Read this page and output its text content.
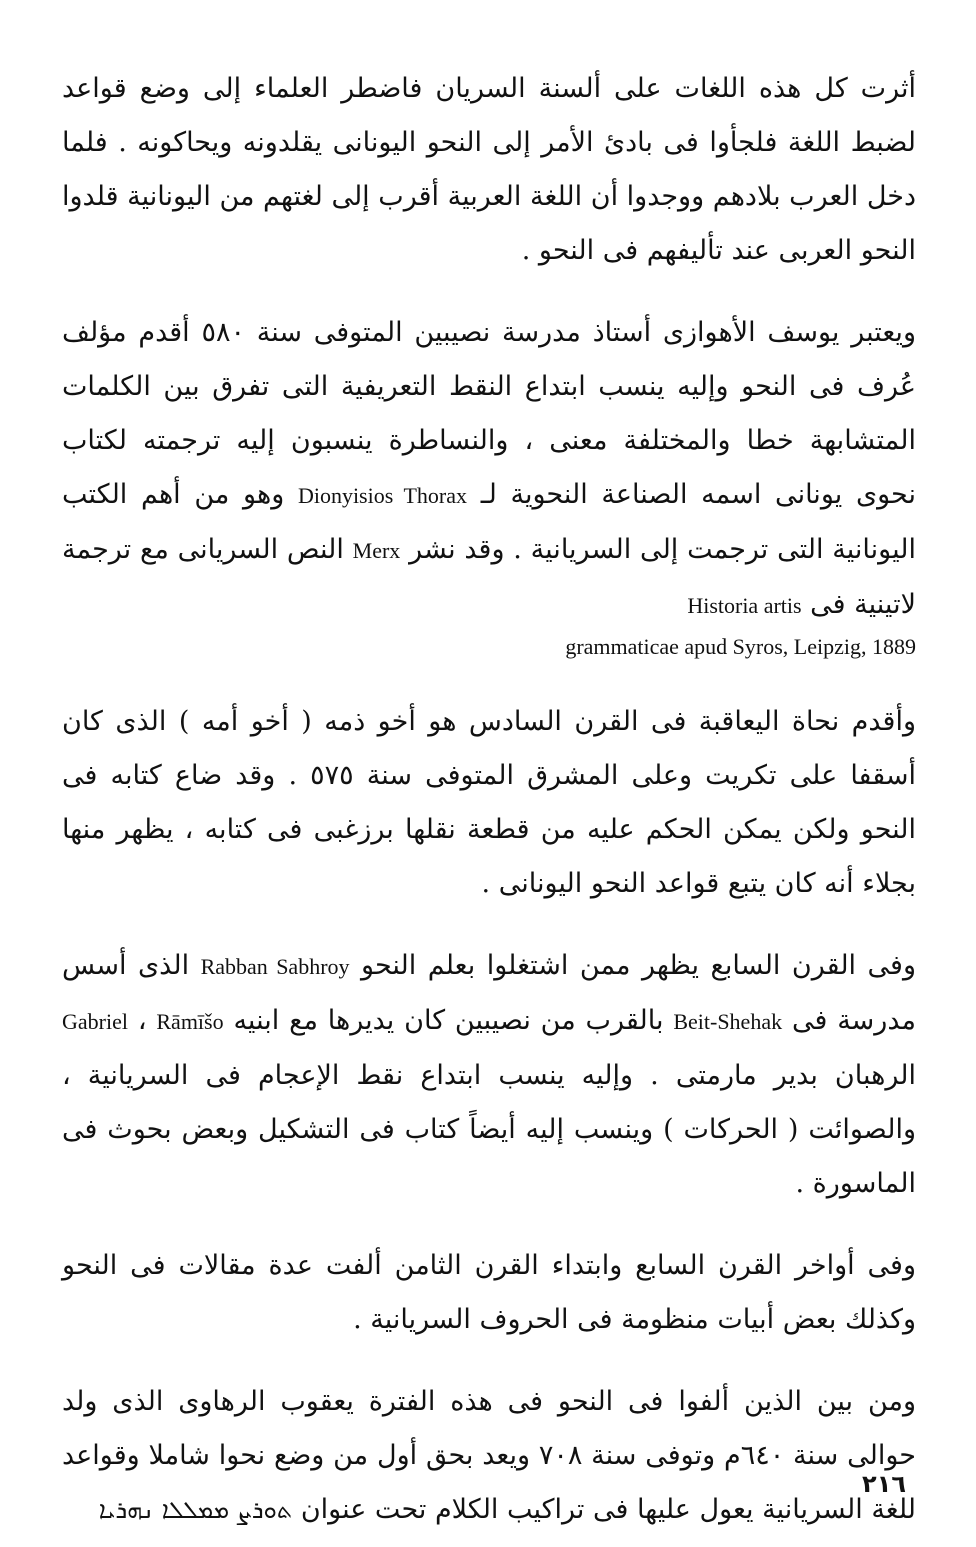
أثرت كل هذه اللغات على ألسنة السريان فاضطر العلماء إلى وضع قواعد لضبط اللغة فلجأوا فى بادئ الأمر إلى النحو اليونانى يقلدونه ويحاكونه . فلما دخل العرب بلادهم ووجدوا أن اللغة العربية أقرب إلى لغتهم من اليونانية قلدوا النحو العربى عند تأليفهم فى النحو .

ويعتبر يوسف الأهوازى أستاذ مدرسة نصيبين المتوفى سنة ٥٨٠ أقدم مؤلف عُرف فى النحو وإليه ينسب ابتداع النقط التعريفية التى تفرق بين الكلمات المتشابهة خطا والمختلفة معنى ، والنساطرة ينسبون إليه ترجمته لكتاب نحوى يونانى اسمه الصناعة النحوية لـ Dionyisios Thorax وهو من أهم الكتب اليونانية التى ترجمت إلى السريانية . وقد نشر Merx النص السريانى مع ترجمة لاتينية فى Historia artis
grammaticae apud Syros, Leipzig, 1889

وأقدم نحاة اليعاقبة فى القرن السادس هو أخو ذمه ( أخو أمه ) الذى كان أسقفا على تكريت وعلى المشرق المتوفى سنة ٥٧٥ . وقد ضاع كتابه فى النحو ولكن يمكن الحكم عليه من قطعة نقلها برزغبى فى كتابه ، يظهر منها بجلاء أنه كان يتبع قواعد النحو اليونانى .

وفى القرن السابع يظهر ممن اشتغلوا بعلم النحو Rabban Sabhroy الذى أسس مدرسة فى Beit-Shehak بالقرب من نصيبين كان يديرها مع ابنيه Rāmīšo ، Gabriel الرهبان بدير مارمتى . وإليه ينسب ابتداع نقط الإعجام فى السريانية ، والصوائت ( الحركات ) وينسب إليه أيضاً كتاب فى التشكيل وبعض بحوث فى الماسورة .

وفى أواخر القرن السابع وابتداء القرن الثامن ألفت عدة مقالات فى النحو وكذلك بعض أبيات منظومة فى الحروف السريانية .

ومن بين الذين ألفوا فى النحو فى هذه الفترة يعقوب الرهاوى الذى ولد حوالى سنة ٦٤٠م وتوفى سنة ٧٠٨ ويعد بحق أول من وضع نحوا شاملا وقواعد للغة السريانية يعول عليها فى تراكيب الكلام تحت عنوان ܬܘܪܨ ܡܡܠܠܐ ܢܗܪܝܐ

٢١٦
